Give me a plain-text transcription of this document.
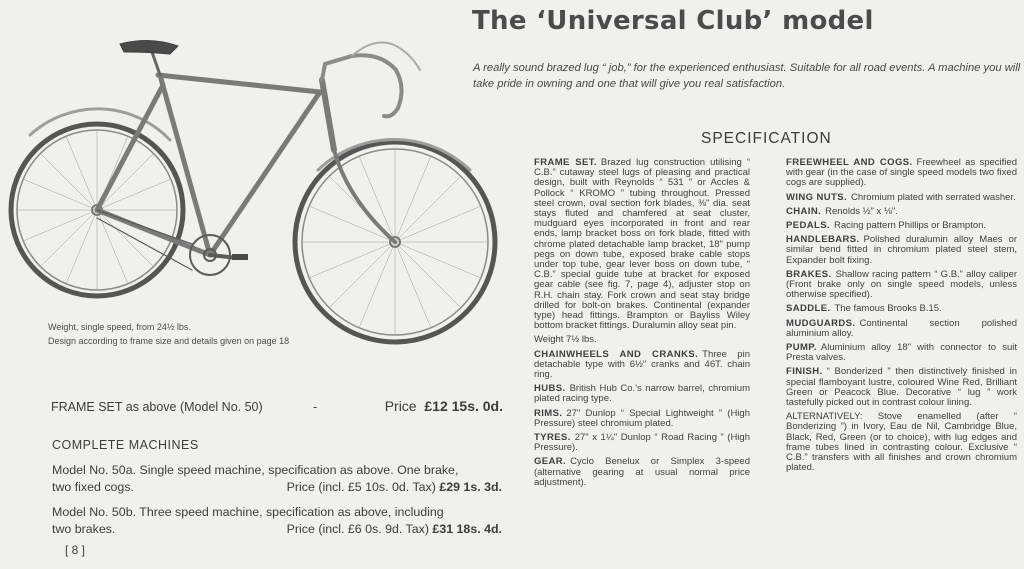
The ‘Universal Club’ model

A really sound brazed lug “ job,” for the experienced enthusiast. Suitable for all road events. A machine you will take pride in owning and one that will give you real satisfaction.

Weight, single speed, from 24½ lbs.

Design according to frame size and details given on page 18

SPECIFICATION

FRAME SET. Brazed lug construction utilising “ C.B.” cutaway steel lugs of pleasing and practical design, built with Reynolds “ 531 ” or Accles & Pollock “ KROMO ” tubing throughout. Pressed steel crown, oval section fork blades, ⅜" dia. seat stays fluted and chamfered at seat cluster, mudguard eyes incorporated in front and rear ends, lamp bracket boss on fork blade, fitted with chrome plated detachable lamp bracket, 18" pump pegs on down tube, exposed brake cable stops under top tube, gear lever boss on down tube, “ C.B.” special guide tube at bracket for exposed gear cable (see fig. 7, page 4), adjuster stop on R.H. chain stay. Fork crown and seat stay bridge drilled for bolt-on brakes. Continental (expander type) head fittings. Brampton or Bayliss Wiley bottom bracket fittings. Duralumin alloy seat pin.

Weight 7½ lbs.

CHAINWHEELS AND CRANKS. Three pin detachable type with 6½" cranks and 46T. chain ring.

HUBS. British Hub Co.'s narrow barrel, chromium plated racing type.

RIMS. 27" Dunlop “ Special Lightweight ” (High Pressure) steel chromium plated.

TYRES. 27" x 1¼" Dunlop “ Road Racing ” (High Pressure).

GEAR. Cyclo Benelux or Simplex 3-speed (alternative gearing at usual normal price adjustment).

FREEWHEEL AND COGS. Freewheel as specified with gear (in the case of single speed models two fixed cogs are supplied).

WING NUTS. Chromium plated with serrated washer.

CHAIN. Renolds ½" x ⅛".

PEDALS. Racing pattern Phillips or Brampton.

HANDLEBARS. Polished duralumin alloy Maes or similar bend fitted in chromium plated steel stem, Expander bolt fixing.

BRAKES. Shallow racing pattern “ G.B.” alloy caliper (Front brake only on single speed models, unless otherwise specified).

SADDLE. The famous Brooks B.15.

MUDGUARDS. Continental section polished aluminium alloy.

PUMP. Aluminium alloy 18" with connector to suit Presta valves.

FINISH. “ Bonderized ” then distinctively finished in special flamboyant lustre, coloured Wine Red, Brilliant Green or Peacock Blue. Decorative “ lug ” work tastefully picked out in contrast colour lining.

ALTERNATIVELY: Stove enamelled (after “ Bonderizing ”) in Ivory, Eau de Nil, Cambridge Blue, Black, Red, Green (or to choice), with lug edges and frame tubes lined in contrasting colour. Exclusive “ C.B.” transfers with all finishes and crown chromium plated.

FRAME SET as above (Model No. 50)	-	Price £12 15s. 0d.
COMPLETE MACHINES
Model No. 50a. Single speed machine, specification as above. One brake,
two fixed cogs.	Price (incl. £5 10s. 0d. Tax) £29 1s. 3d.
Model No. 50b. Three speed machine, specification as above, including
two brakes.	Price (incl. £6 0s. 9d. Tax) £31 18s. 4d.
[ 8 ]
